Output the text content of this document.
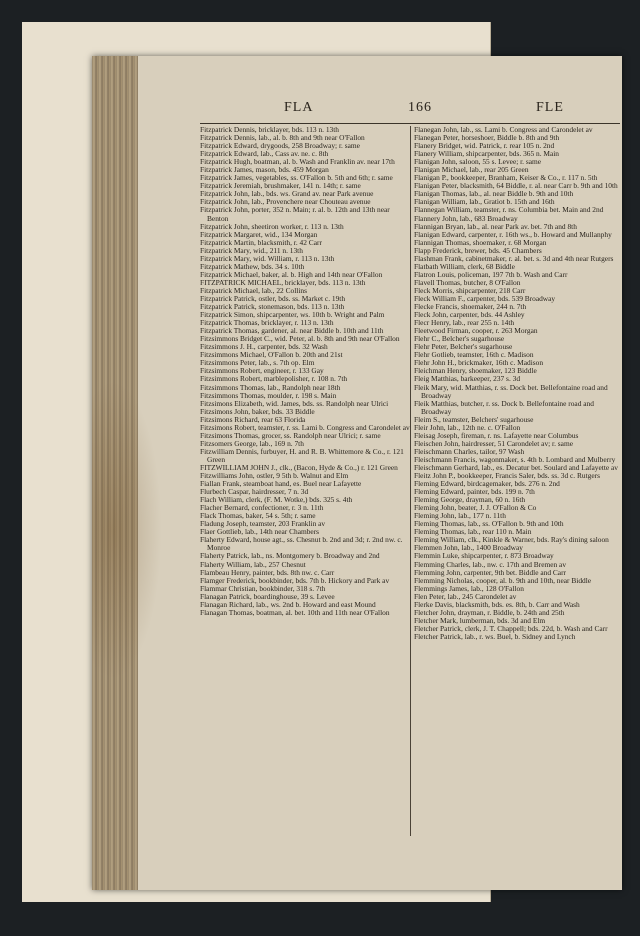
FLA	166	FLE

Fitzpatrick Dennis, bricklayer, bds. 113 n. 13th

Fitzpatrick Dennis, lab., al. b. 8th and 9th near O'Fallon

Fitzpatrick Edward, drygoods, 258 Broadway; r. same

Fitzpatrick Edward, lab., Cass av. ne. c. 8th

Fitzpatrick Hugh, boatman, al. b. Wash and Franklin av. near 17th

Fitzpatrick James, mason, bds. 459 Morgan

Fitzpatrick James, vegetables, ss. O'Fallon b. 5th and 6th; r. same

Fitzpatrick Jeremiah, brushmaker, 141 n. 14th; r. same

Fitzpatrick John, lab., bds. ws. Grand av. near Park avenue

Fitzpatrick John, lab., Provenchere near Chouteau avenue

Fitzpatrick John, porter, 352 n. Main; r. al. b. 12th and 13th near Benton

Fitzpatrick John, sheetiron worker, r. 113 n. 13th

Fitzpatrick Margaret, wid., 134 Morgan

Fitzpatrick Martin, blacksmith, r. 42 Carr

Fitzpatrick Mary, wid., 211 n. 13th

Fitzpatrick Mary, wid. William, r. 113 n. 13th

Fitzpatrick Mathew, bds. 34 s. 10th

Fitzpatrick Michael, baker, al. b. High and 14th near O'Fallon

FITZPATRICK MICHAEL, bricklayer, bds. 113 n. 13th

Fitzpatrick Michael, lab., 22 Collins

Fitzpatrick Patrick, ostler, bds. ss. Market c. 19th

Fitzpatrick Patrick, stonemason, bds. 113 n. 13th

Fitzpatrick Simon, shipcarpenter, ws. 10th b. Wright and Palm

Fitzpatrick Thomas, bricklayer, r. 113 n. 13th

Fitzpatrick Thomas, gardener, al. near Biddle b. 10th and 11th

Fitzsimmons Bridget C., wid. Peter, al. b. 8th and 9th near O'Fallon

Fitzsimmons J. H., carpenter, bds. 32 Wash

Fitzsimmons Michael, O'Fallon b. 20th and 21st

Fitzsimmons Peter, lab., s. 7th op. Elm

Fitzsimmons Robert, engineer, r. 133 Gay

Fitzsimmons Robert, marblepolisher, r. 108 n. 7th

Fitzsimmons Thomas, lab., Randolph near 18th

Fitzsimmons Thomas, moulder, r. 198 s. Main

Fitzsimons Elizabeth, wid. James, bds. ss. Randolph near Ulrici

Fitzsimons John, baker, bds. 33 Biddle

Fitzsimons Richard, rear 63 Florida

Fitzsimons Robert, teamster, r. ss. Lami b. Congress and Carondelet av

Fitzsimons Thomas, grocer, ss. Randolph near Ulrici; r. same

Fitzsomers George, lab., 169 n. 7th

Fitzwilliam Dennis, furbuyer, H. and R. B. Whittemore & Co., r. 121 Green

FITZWILLIAM JOHN J., clk., (Bacon, Hyde & Co.,) r. 121 Green

Fitzwilliams John, ostler, 9 5th b. Walnut and Elm

Fiallan Frank, steamboat hand, es. Buel near Lafayette

Flurbech Caspar, hairdresser, 7 n. 3d

Flach William, clerk, (F. M. Wotke,) bds. 325 s. 4th

Flacher Bernard, confectioner, r. 3 n. 11th

Flack Thomas, baker, 54 s. 5th; r. same

Fladung Joseph, teamster, 203 Franklin av

Flaer Gottlieb, lab., 14th near Chambers

Flaherty Edward, house agt., ss. Chesnut b. 2nd and 3d; r. 2nd nw. c. Monroe

Flaherty Patrick, lab., ns. Montgomery b. Broadway and 2nd

Flaherty William, lab., 257 Chesnut

Flambeau Henry, painter, bds. 8th nw. c. Carr

Flamger Frederick, bookbinder, bds. 7th b. Hickory and Park av

Flammar Christian, bookbinder, 318 s. 7th

Flanagan Patrick, boardinghouse, 39 s. Levee

Flanagan Richard, lab., ws. 2nd b. Howard and east Mound

Flanagan Thomas, boatman, al. bet. 10th and 11th near O'Fallon

Flanegan John, lab., ss. Lami b. Congress and Carondelet av

Flanegan Peter, horseshoer, Biddle b. 8th and 9th

Flanery Bridget, wid. Patrick, r. rear 105 n. 2nd

Flanery William, shipcarpenter, bds. 365 n. Main

Flanigan John, saloon, 55 s. Levee; r. same

Flanigan Michael, lab., rear 205 Green

Flanigan P., bookkeeper, Branham, Keiser & Co., r. 117 n. 5th

Flanigan Peter, blacksmith, 64 Biddle, r. al. near Carr b. 9th and 10th

Flanigan Thomas, lab., al. near Biddle b. 9th and 10th

Flanigan William, lab., Gratiot b. 15th and 16th

Flannegan William, teamster, r. ns. Columbia bet. Main and 2nd

Flannery John, lab., 683 Broadway

Flannigan Bryan, lab., al. near Park av. bet. 7th and 8th

Flanigan Edward, carpenter, r. 16th ws., b. Howard and Mullanphy

Flannigan Thomas, shoemaker, r. 68 Morgan

Flapp Frederick, brewer, bds. 45 Chambers

Flashman Frank, cabinetmaker, r. al. bet. s. 3d and 4th near Rutgers

Flatbath William, clerk, 68 Biddle

Flatron Louis, policeman, 197 7th b. Wash and Carr

Flavell Thomas, butcher, 8 O'Fallon

Fleck Morris, shipcarpenter, 218 Carr

Fleck William F., carpenter, bds. 539 Broadway

Flecke Francis, shoemaker, 244 n. 7th

Fleck John, carpenter, bds. 44 Ashley

Flecr Henry, lab., rear 255 n. 14th

Fleetwood Firman, cooper, r. 263 Morgan

Flehr C., Belcher's sugarhouse

Flehr Peter, Belcher's sugarhouse

Flehr Gotlieb, teamster, 16th c. Madison

Flehr John H., brickmaker, 16th c. Madison

Fleichman Henry, shoemaker, 123 Biddle

Fleig Matthias, barkeeper, 237 s. 3d

Fleik Mary, wid. Matthias, r. ss. Dock bet. Bellefontaine road and Broadway

Fleik Matthias, butcher, r. ss. Dock b. Bellefontaine road and Broadway

Fleim S., teamster, Belchers' sugarhouse

Fleir John, lab., 12th ne. c. O'Fallon

Fleisag Joseph, fireman, r. ns. Lafayette near Columbus

Fleischen John, hairdresser, 51 Carondelet av; r. same

Fleischmann Charles, tailor, 97 Wash

Fleischmann Francis, wagonmaker, s. 4th b. Lombard and Mulberry

Fleischmann Gerhard, lab., es. Decatur bet. Soulard and Lafayette av

Fleitz John P., bookkeeper, Francis Saler, bds. ss. 3d c. Rutgers

Fleming Edward, birdcagemaker, bds. 276 n. 2nd

Fleming Edward, painter, bds. 199 n. 7th

Fleming George, drayman, 60 n. 16th

Fleming John, beater, J. J. O'Fallon & Co

Fleming John, lab., 177 n. 11th

Fleming Thomas, lab., ss. O'Fallon b. 9th and 10th

Fleming Thomas, lab., rear 110 n. Main

Fleming William, clk., Kinkle & Warner, bds. Ray's dining saloon

Flemmen John, lab., 1400 Broadway

Flemmin Luke, shipcarpenter, r. 873 Broadway

Flemming Charles, lab., nw. c. 17th and Bremen av

Flemming John, carpenter, 9th bet. Biddle and Carr

Flemming Nicholas, cooper, al. b. 9th and 10th, near Biddle

Flemmings James, lab., 128 O'Fallon

Flen Peter, lab., 245 Carondelet av

Flerke Davis, blacksmith, bds. es. 8th, b. Carr and Wash

Fletcher John, drayman, r. Biddle, b. 24th and 25th

Fletcher Mark, lumberman, bds. 3d and Elm

Fletcher Patrick, clerk, J. T. Chappell; bds. 22d, b. Wash and Carr

Fletcher Patrick, lab., r. ws. Buel, b. Sidney and Lynch
